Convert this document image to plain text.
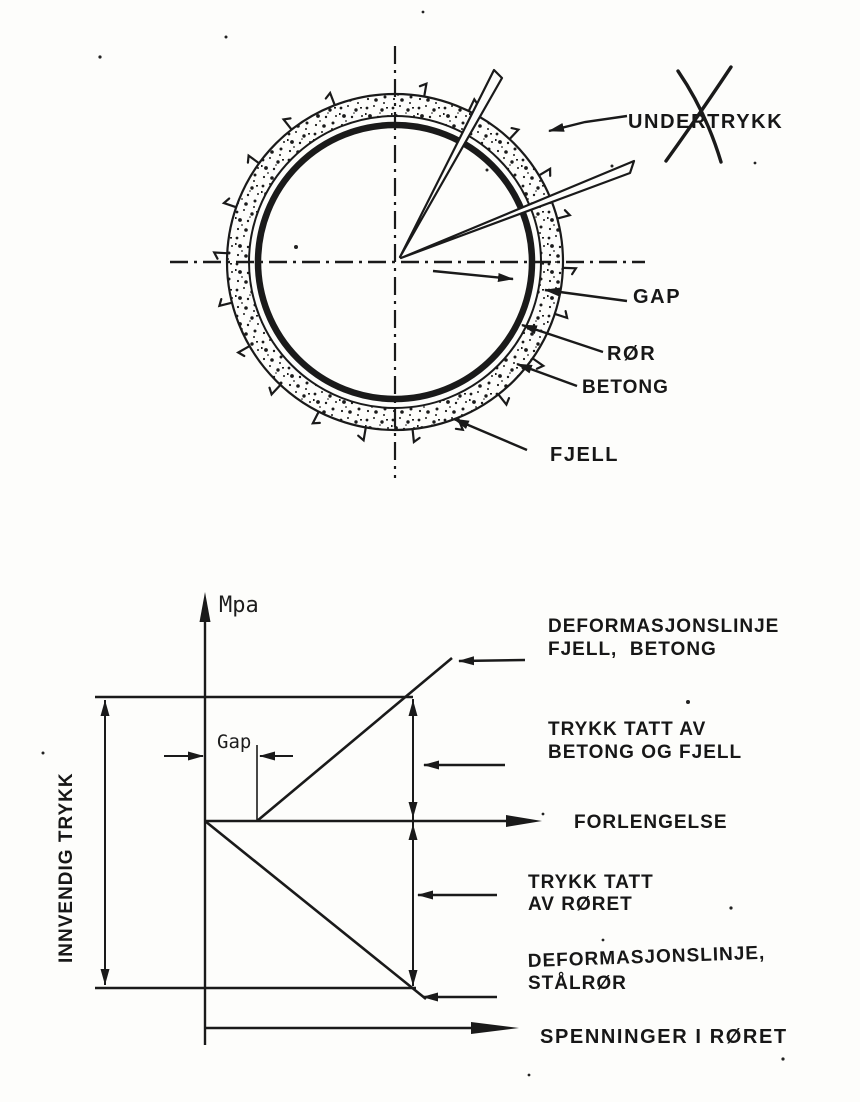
UNDERTRYKK
GAP
RØR
BETONG
FJELL
Mpa
INNVENDIG TRYKK
Gap
FORLENGELSE
DEFORMASJONSLINJE
FJELL,  BETONG
TRYKK TATT AV
BETONG OG FJELL
TRYKK TATT
AV RØRET
DEFORMASJONSLINJE,
STÅLRØR
SPENNINGER I RØRET
